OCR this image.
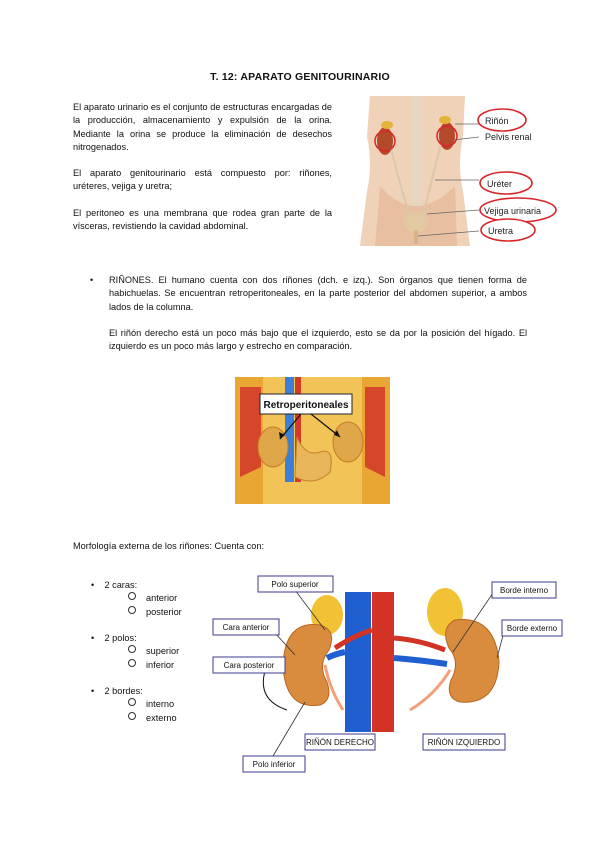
T. 12: APARATO GENITOURINARIO

El aparato urinario es el conjunto de estructuras encargadas de la producción, almacenamiento y expulsión de la orina. Mediante la orina se produce la eliminación de desechos nitrogenados.

El aparato genitourinario está compuesto por: riñones, uréteres, vejiga y uretra;

El peritoneo es una membrana que rodea gran parte de la vísceras, revistiendo la cavidad abdominal.

Riñón
Pelvis renal
Uréter
Vejiga urinaria
Uretra
• RIÑONES. El humano cuenta con dos riñones (dch. e izq.). Son órganos que tienen forma de habichuelas. Se encuentran retroperitoneales, en la parte posterior del abdomen superior, a ambos lados de la columna.

El riñón derecho está un poco más bajo que el izquierdo, esto se da por la posición del hígado. El izquierdo es un poco más largo y estrecho en comparación.

Retroperitoneales
Morfología externa de los riñones: Cuenta con:
• 2 caras:
anterior
posterior
• 2 polos:
superior
inferior
• 2 bordes:
interno
externo
Polo superior
Cara anterior
Cara posterior
Polo inferior
RIÑÓN DERECHO	RIÑÓN IZQUIERDO
Borde interno
Borde externo
